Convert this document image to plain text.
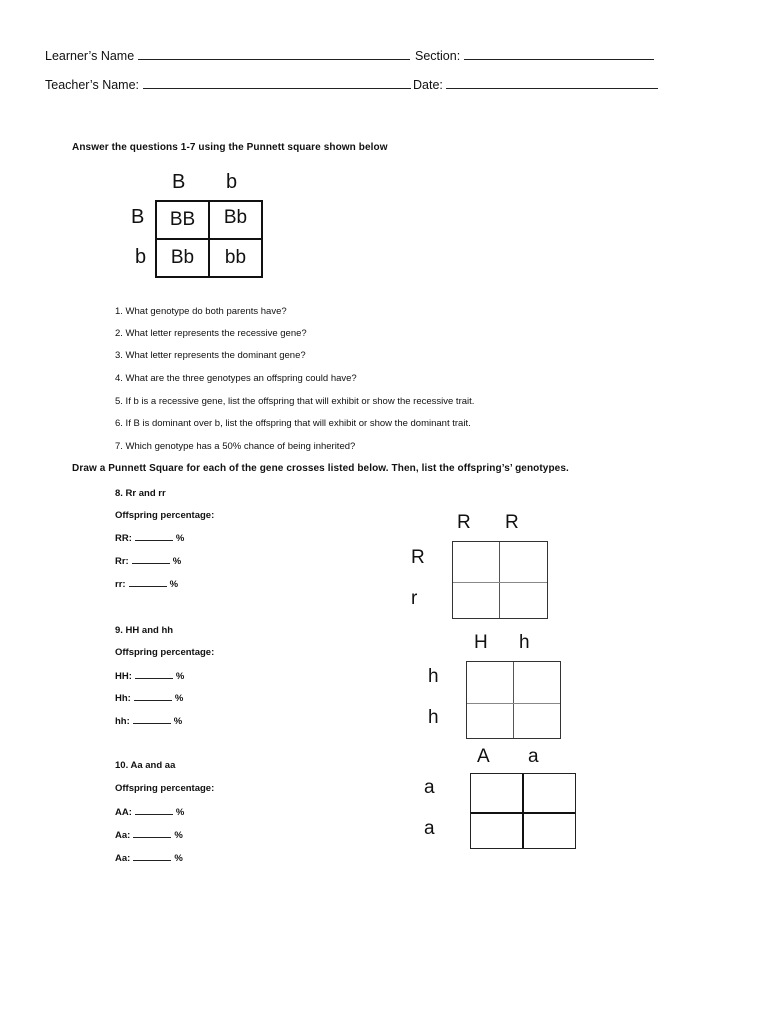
Learner’s Name	Section:
Teacher’s Name:	Date:
Answer the questions 1-7 using the Punnett square shown below
B b
B
b
BB	Bb
Bb	bb
1. What genotype do both parents have?
2. What letter represents the recessive gene?
3. What letter represents the dominant gene?
4. What are the three genotypes an offspring could have?
5. If b is a recessive gene, list the offspring that will exhibit or show the recessive trait.
6. If B is dominant over b, list the offspring that will exhibit or show the dominant trait.
7. Which genotype has a 50% chance of being inherited?
Draw a Punnett Square for each of the gene crosses listed below. Then, list the offspring’s’ genotypes.
8. Rr and rr
Offspring percentage:
RR:	%
Rr:	%
rr:	%
R R
R
r
9. HH and hh
Offspring percentage:
HH:	%
Hh:	%
hh:	%
H h
h
h
10. Aa and aa
Offspring percentage:
AA:	%
Aa:	%
Aa:	%
A a
a
a
